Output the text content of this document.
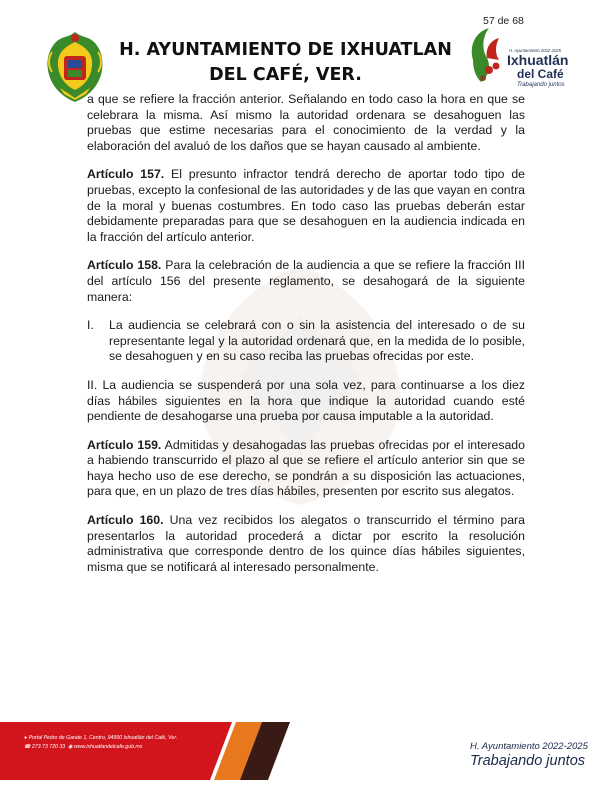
57 de 68
H. AYUNTAMIENTO DE IXHUATLAN
DEL CAFÉ, VER.
H. Ayuntamiento 2022-2025
Ixhuatlán
del Café
Trabajando juntos

a que se refiere la fracción anterior. Señalando en todo caso la hora en que se celebrara la misma. Así mismo la autoridad ordenara se desahoguen las pruebas que estime necesarias para el conocimiento de la verdad y la elaboración del avaluó de los daños que se hayan causado al ambiente.

Artículo 157. El presunto infractor tendrá derecho de aportar todo tipo de pruebas, excepto la confesional de las autoridades y de las que vayan en contra de la moral y buenas costumbres. En todo caso las pruebas deberán estar debidamente preparadas para que se desahoguen en la audiencia indicada en la fracción del artículo anterior.

Artículo 158. Para la celebración de la audiencia a que se refiere la fracción III del artículo 156 del presente reglamento, se desahogará de la siguiente manera:

I.	La audiencia se celebrará con o sin la asistencia del interesado o de su representante legal y la autoridad ordenará que, en la medida de lo posible, se desahoguen y en su caso reciba las pruebas ofrecidas por este.

II. La audiencia se suspenderá por una sola vez, para continuarse a los diez días hábiles siguientes en la hora que indique la autoridad cuando esté pendiente de desahogarse una prueba por causa imputable a la autoridad.

Artículo 159. Admitidas y desahogadas las pruebas ofrecidas por el interesado a habiendo transcurrido el plazo al que se refiere el artículo anterior sin que se haya hecho uso de ese derecho, se pondrán a su disposición las actuaciones, para que, en un plazo de tres días hábiles, presenten por escrito sus alegatos.

Artículo 160. Una vez recibidos los alegatos o transcurrido el término para presentarlos la autoridad procederá a dictar por escrito la resolución administrativa que corresponde dentro de los quince días hábiles siguientes, misma que se notificará al interesado personalmente.

● Portal Pedro de Garate 1, Centro, 94950 Ixhuatlán del Café, Ver.
☎ 273 73 720 33 ◉ www.ixhuatlandelcafe.gob.mx	H. Ayuntamiento 2022-2025
Trabajando juntos
